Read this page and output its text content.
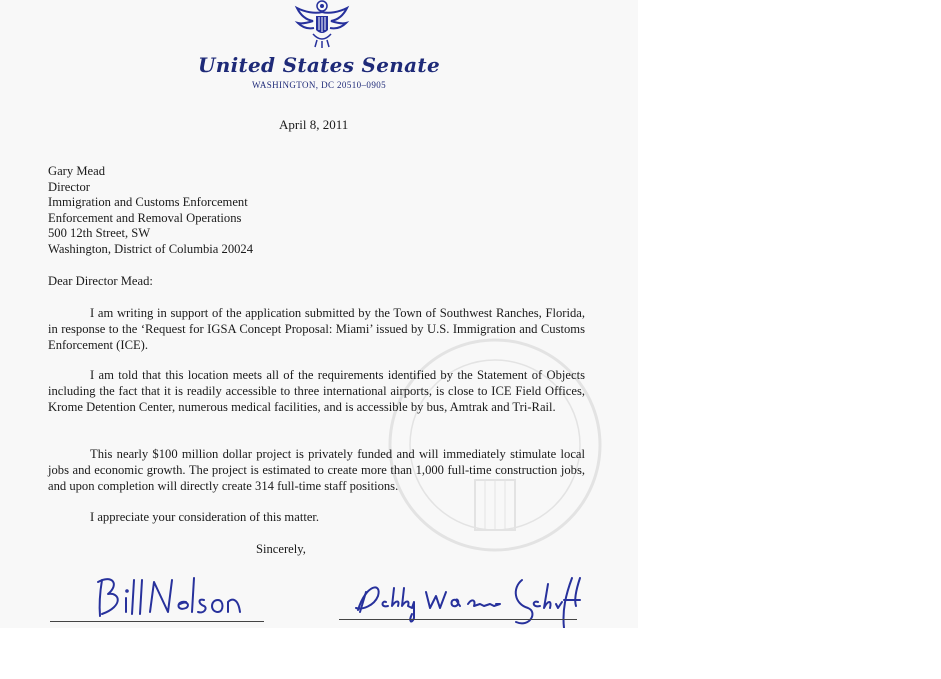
United States Senate
WASHINGTON, DC 20510–0905
April 8, 2011
Gary Mead
Director
Immigration and Customs Enforcement
Enforcement and Removal Operations
500 12th Street, SW
Washington, District of Columbia 20024
Dear Director Mead:
I am writing in support of the application submitted by the Town of Southwest Ranches, Florida, in response to the ‘Request for IGSA Concept Proposal: Miami’ issued by U.S. Immigration and Customs Enforcement (ICE).
I am told that this location meets all of the requirements identified by the Statement of Objects including the fact that it is readily accessible to three international airports, is close to ICE Field Offices, Krome Detention Center, numerous medical facilities, and is accessible by bus, Amtrak and Tri-Rail.
This nearly $100 million dollar project is privately funded and will immediately stimulate local jobs and economic growth. The project is estimated to create more than 1,000 full-time construction jobs, and upon completion will directly create 314 full-time staff positions.
I appreciate your consideration of this matter.
Sincerely,
